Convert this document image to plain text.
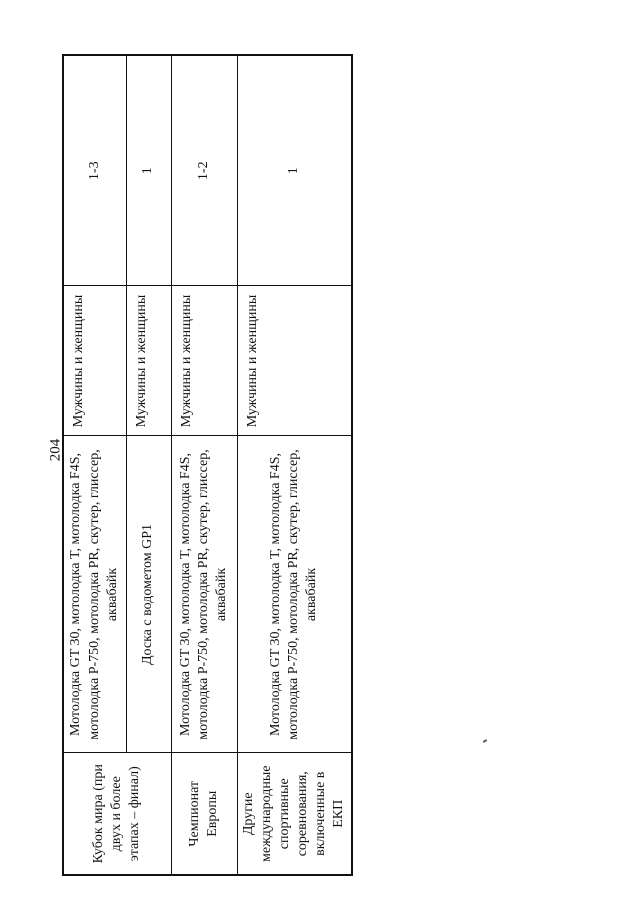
204
Кубок мира (при двух и более этапах – финал)	Мотолодка GT 30, мотолодка T, мотолодка F4S, мотолодка P-750, мотолодка PR, скутер, глиссер, аквабайк	Мужчины и женщины	1-3
	Доска с водометом GP1	Мужчины и женщины	1
Чемпионат Европы	Мотолодка GT 30, мотолодка T, мотолодка F4S, мотолодка P-750, мотолодка PR, скутер, глиссер, аквабайк	Мужчины и женщины	1-2
Другие международные спортивные соревнования, включенные в ЕКП	Мотолодка GT 30, мотолодка T, мотолодка F4S, мотолодка P-750, мотолодка PR, скутер, глиссер, аквабайк	Мужчины и женщины	1
